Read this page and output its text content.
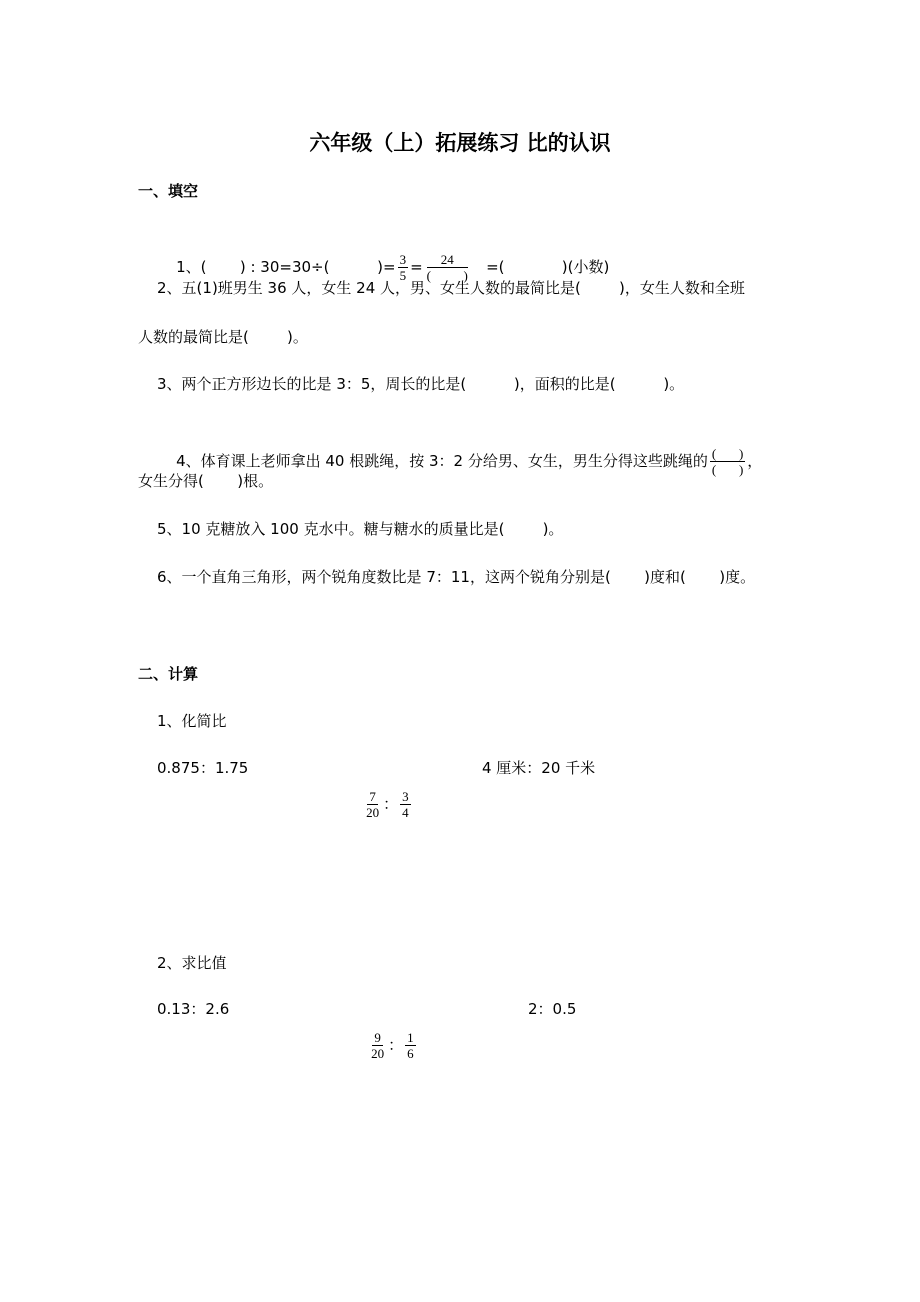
六年级（上）拓展练习 比的认识
一、填空

1、(       ) : 30=30÷(          )= $\frac{3}{5} = \frac{24}{( )}$ =(            )(小数)

2、五(1)班男生 36 人，女生 24 人，男、女生人数的最简比是(        )，女生人数和全班
人数的最简比是(        )。
3、两个正方形边长的比是 3：5，周长的比是(          )，面积的比是(          )。

4、体育课上老师拿出 40 根跳绳，按 3：2 分给男、女生，男生分得这些跳绳的 $\frac{( )}{( )}$ ，

女生分得(       )根。
5、10 克糖放入 100 克水中。糖与糖水的质量比是(        )。
6、一个直角三角形，两个锐角度数比是 7：11，这两个锐角分别是(       )度和(       )度。
二、计算
1、化简比
0.875：1.75

$\frac{7}{20}$ ： $\frac{3}{4}$

4 厘米：20 千米
2、求比值
0.13：2.6

$\frac{9}{20}$ ： $\frac{1}{6}$

2：0.5
